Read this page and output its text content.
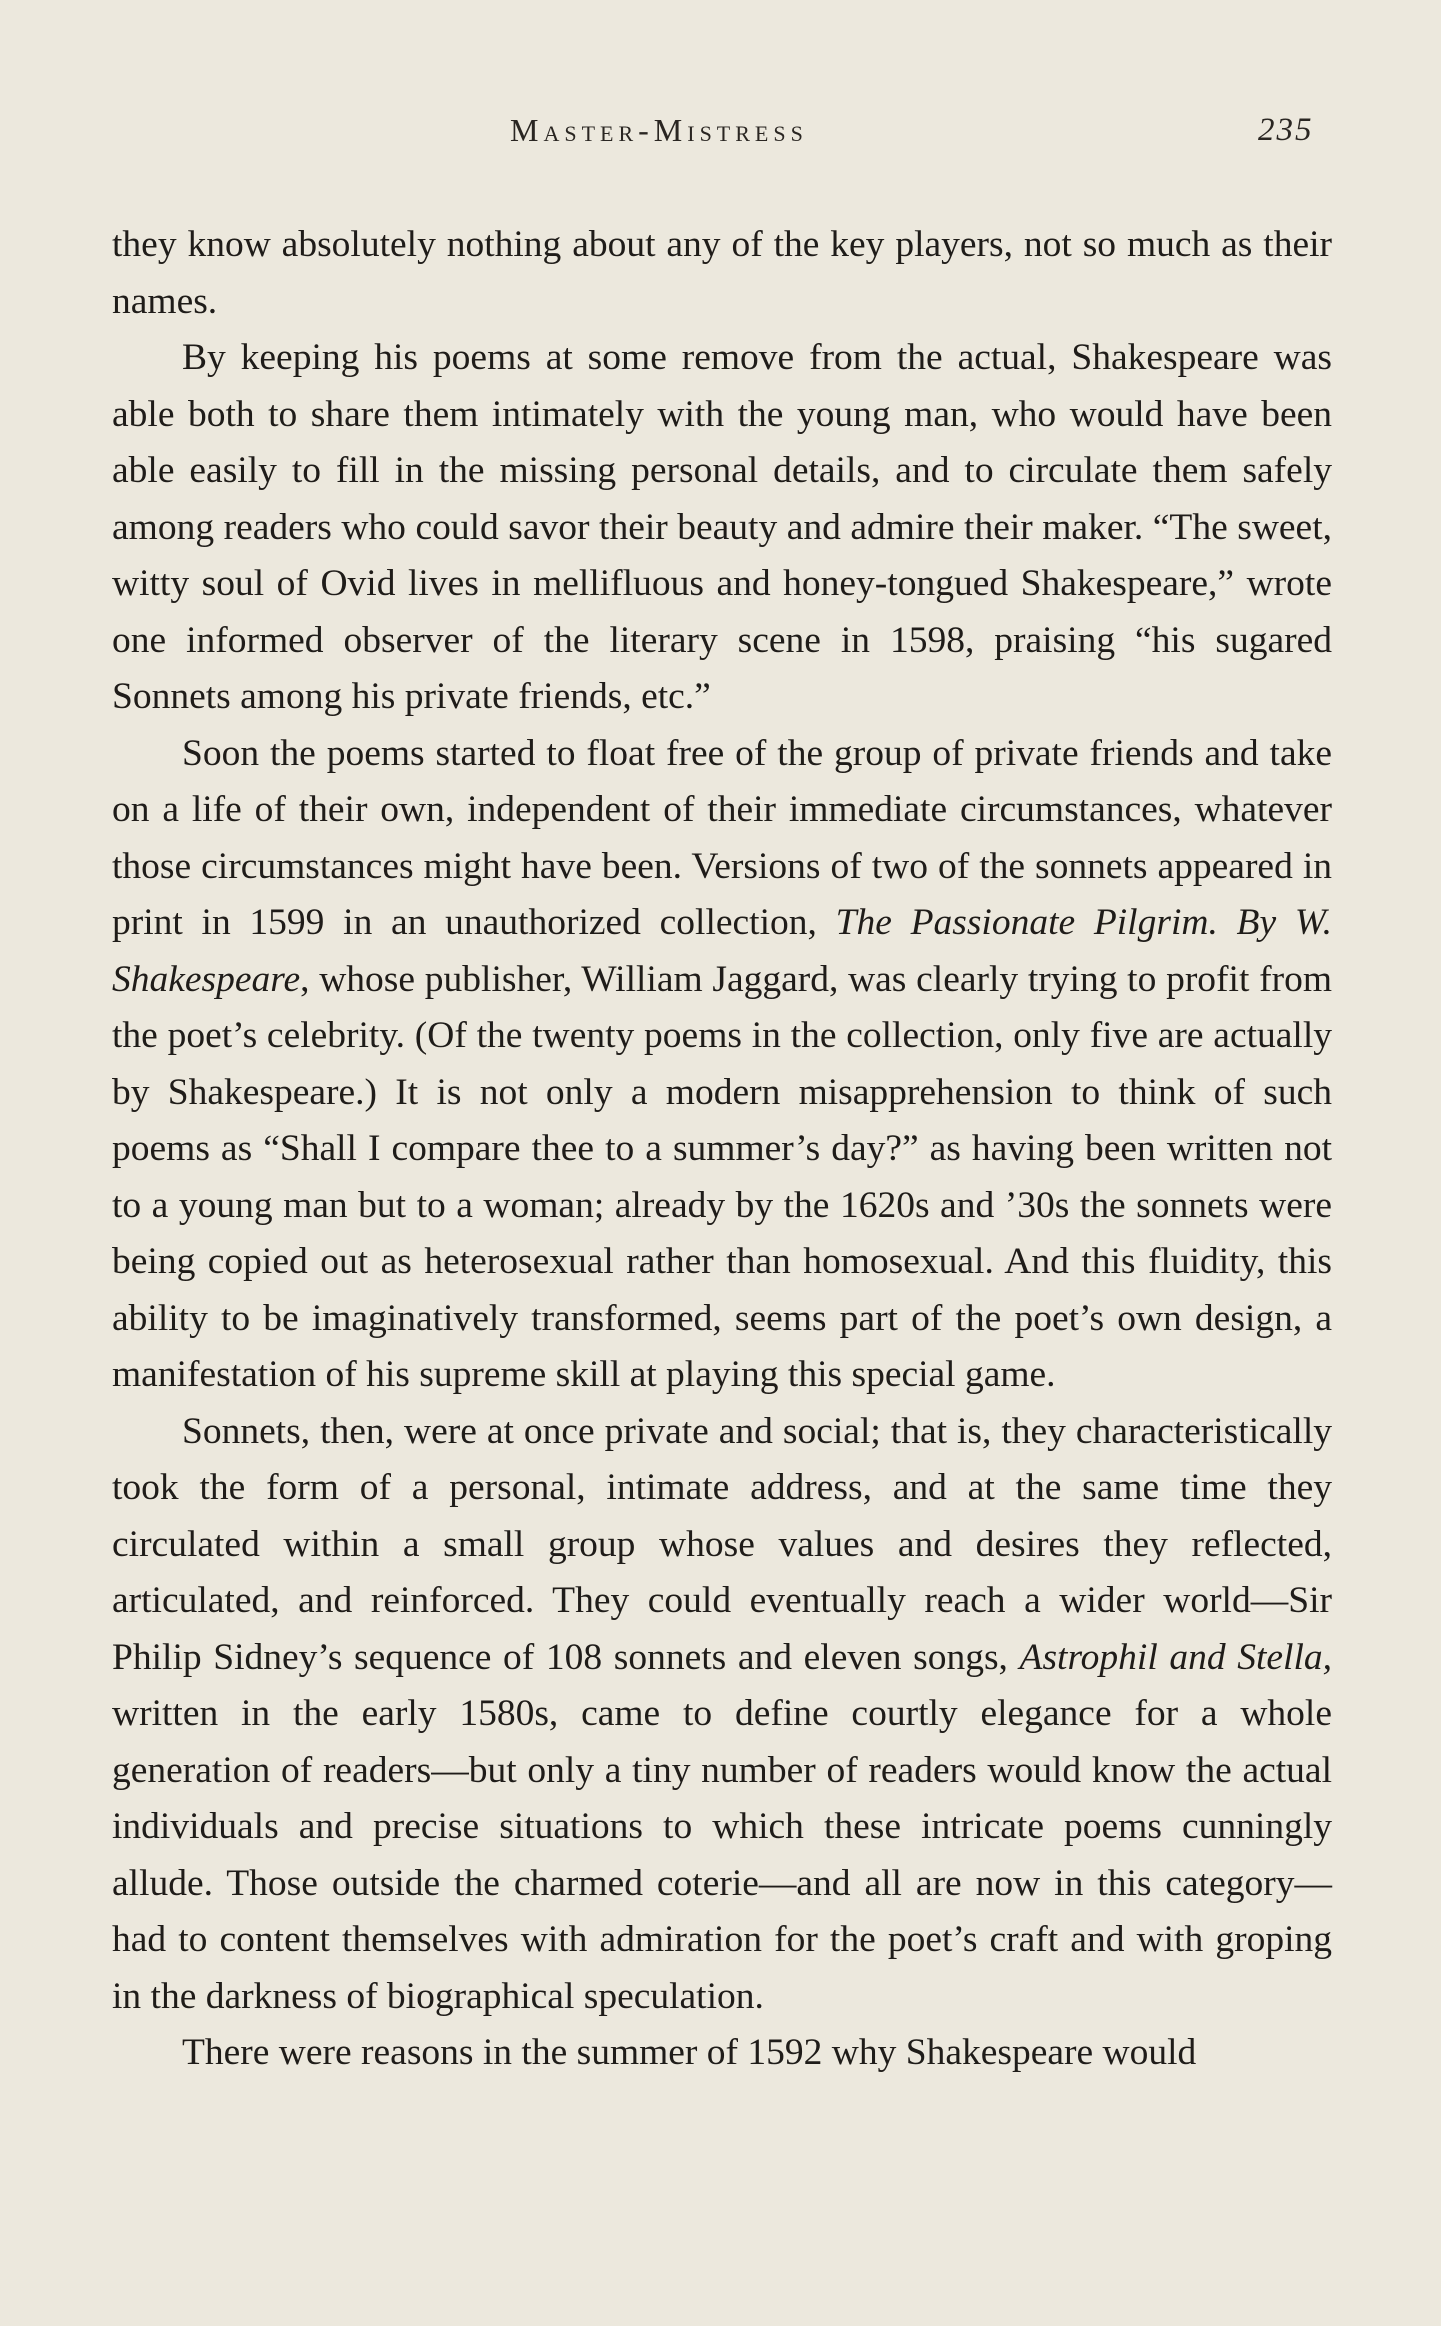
Master-Mistress	235

they know absolutely nothing about any of the key players, not so much as their names.

By keeping his poems at some remove from the actual, Shakespeare was able both to share them intimately with the young man, who would have been able easily to fill in the missing personal details, and to circulate them safely among readers who could savor their beauty and admire their maker. “The sweet, witty soul of Ovid lives in mellifluous and honey-tongued Shakespeare,” wrote one informed observer of the literary scene in 1598, praising “his sugared Sonnets among his private friends, etc.”

Soon the poems started to float free of the group of private friends and take on a life of their own, independent of their immediate circumstances, whatever those circumstances might have been. Versions of two of the sonnets appeared in print in 1599 in an unauthorized collection, The Passionate Pilgrim. By W. Shakespeare, whose publisher, William Jaggard, was clearly trying to profit from the poet’s celebrity. (Of the twenty poems in the collection, only five are actually by Shakespeare.) It is not only a modern misapprehension to think of such poems as “Shall I compare thee to a summer’s day?” as having been written not to a young man but to a woman; already by the 1620s and ’30s the sonnets were being copied out as heterosexual rather than homosexual. And this fluidity, this ability to be imaginatively transformed, seems part of the poet’s own design, a manifestation of his supreme skill at playing this special game.

Sonnets, then, were at once private and social; that is, they characteristically took the form of a personal, intimate address, and at the same time they circulated within a small group whose values and desires they reflected, articulated, and reinforced. They could eventually reach a wider world—Sir Philip Sidney’s sequence of 108 sonnets and eleven songs, Astrophil and Stella, written in the early 1580s, came to define courtly elegance for a whole generation of readers—but only a tiny number of readers would know the actual individuals and precise situations to which these intricate poems cunningly allude. Those outside the charmed coterie—and all are now in this category—had to content themselves with admiration for the poet’s craft and with groping in the darkness of biographical speculation.

There were reasons in the summer of 1592 why Shakespeare would
